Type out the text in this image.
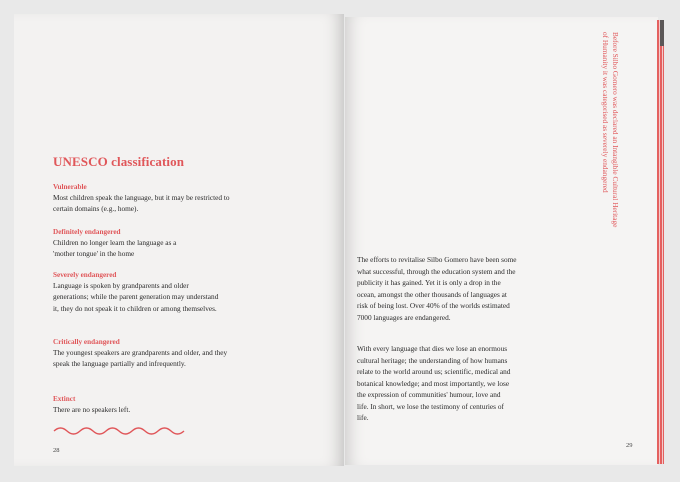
UNESCO classification
Vulnerable
Most children speak the language, but it may be restricted to certain domains (e.g., home).
Definitely endangered
Children no longer learn the language as a 'mother tongue' in the home
Severely endangered
Language is spoken by grandparents and older generations; while the parent generation may understand it, they do not speak it to children or among themselves.
Critically endangered
The youngest speakers are grandparents and older, and they speak the language partially and infrequently.
Extinct
There are no speakers left.
28
Before Silbo Gomero was declared an Intangible Cultural Heritage
of Humanity it was categorised as severely endangered

The efforts to revitalise Silbo Gomero have been some what successful, through the education system and the publicity it has gained. Yet it is only a drop in the ocean, amongst the other thousands of languages at risk of being lost. Over 40% of the worlds estimated 7000 languages are endangered.

With every language that dies we lose an enormous cultural heritage; the understanding of how humans relate to the world around us; scientific, medical and botanical knowledge; and most importantly, we lose the expression of communities' humour, love and life. In short, we lose the testimony of centuries of life.

29
